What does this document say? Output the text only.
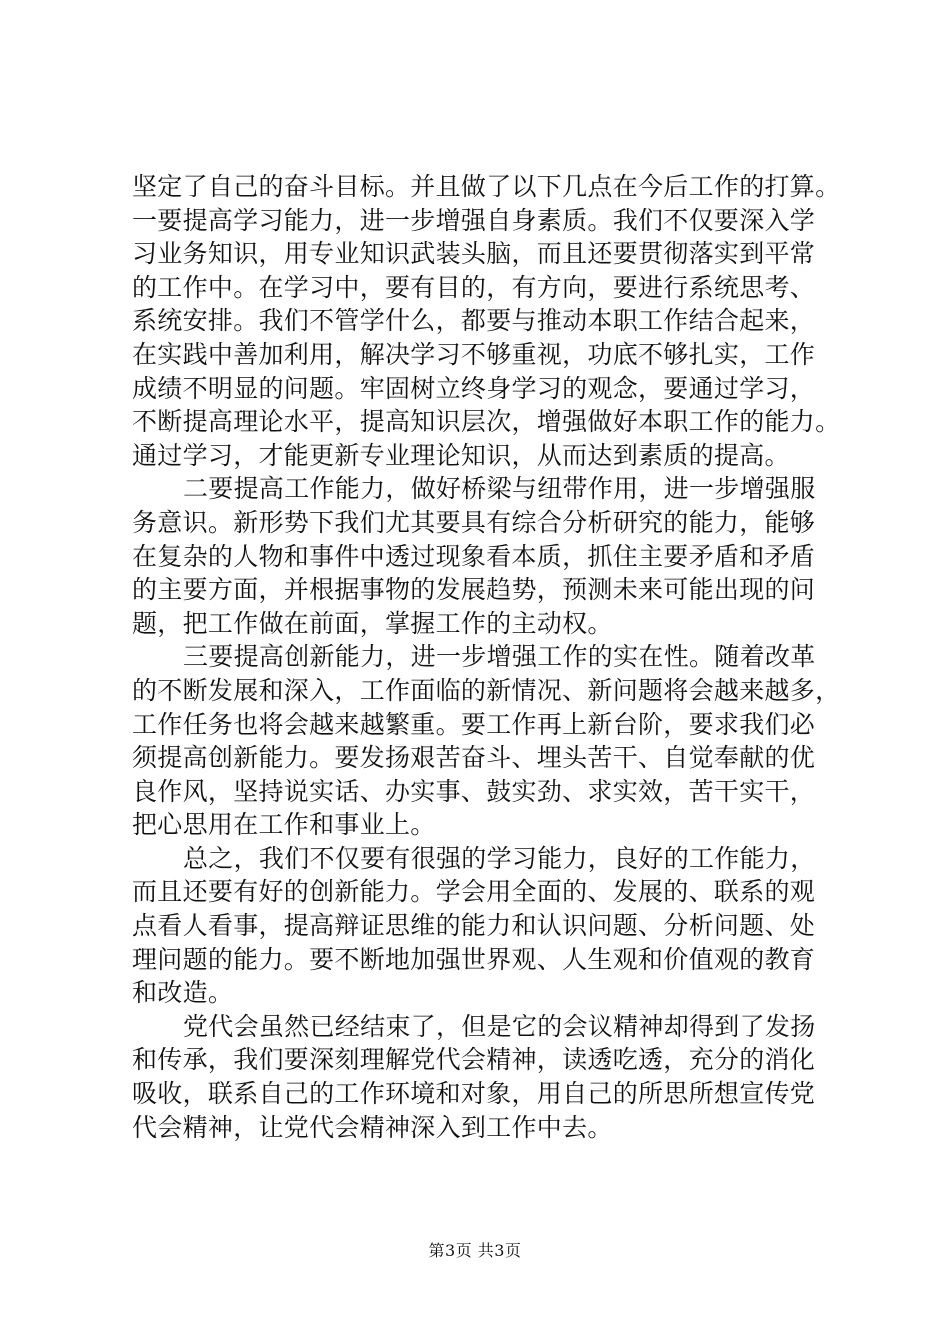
坚定了自己的奋斗目标。并且做了以下几点在今后工作的打算。
一要提高学习能力，进一步增强自身素质。我们不仅要深入学
习业务知识，用专业知识武装头脑，而且还要贯彻落实到平常
的工作中。在学习中，要有目的，有方向，要进行系统思考、
系统安排。我们不管学什么，都要与推动本职工作结合起来，
在实践中善加利用，解决学习不够重视，功底不够扎实，工作
成绩不明显的问题。牢固树立终身学习的观念，要通过学习，
不断提高理论水平，提高知识层次，增强做好本职工作的能力。
通过学习，才能更新专业理论知识，从而达到素质的提高。
二要提高工作能力，做好桥梁与纽带作用，进一步增强服
务意识。新形势下我们尤其要具有综合分析研究的能力，能够
在复杂的人物和事件中透过现象看本质，抓住主要矛盾和矛盾
的主要方面，并根据事物的发展趋势，预测未来可能出现的问
题，把工作做在前面，掌握工作的主动权。
三要提高创新能力，进一步增强工作的实在性。随着改革
的不断发展和深入，工作面临的新情况、新问题将会越来越多，
工作任务也将会越来越繁重。要工作再上新台阶，要求我们必
须提高创新能力。要发扬艰苦奋斗、埋头苦干、自觉奉献的优
良作风，坚持说实话、办实事、鼓实劲、求实效，苦干实干，
把心思用在工作和事业上。
总之，我们不仅要有很强的学习能力，良好的工作能力，
而且还要有好的创新能力。学会用全面的、发展的、联系的观
点看人看事，提高辩证思维的能力和认识问题、分析问题、处
理问题的能力。要不断地加强世界观、人生观和价值观的教育
和改造。
党代会虽然已经结束了，但是它的会议精神却得到了发扬
和传承，我们要深刻理解党代会精神，读透吃透，充分的消化
吸收，联系自己的工作环境和对象，用自己的所思所想宣传党
代会精神，让党代会精神深入到工作中去。
第3页 共3页
